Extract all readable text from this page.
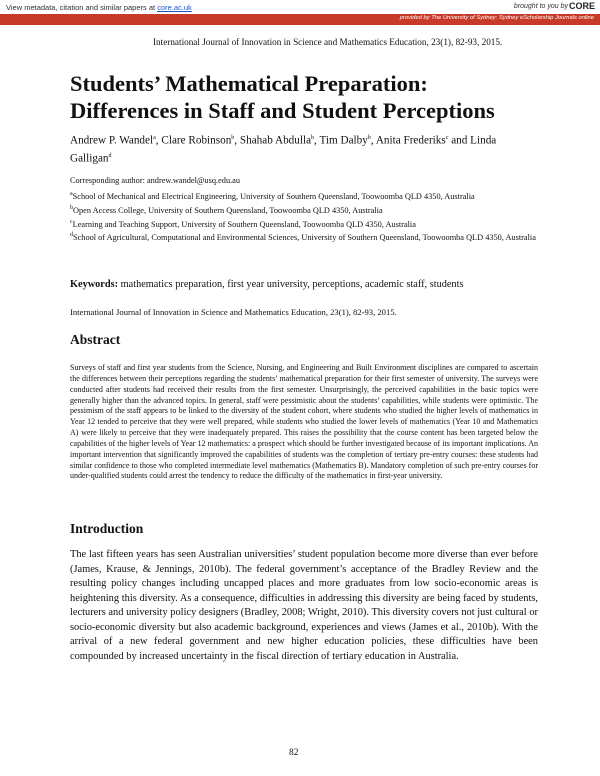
View metadata, citation and similar papers at core.ac.uk	brought to you by CORE
provided by The University of Sydney: Sydney eScholarship Journals online
International Journal of Innovation in Science and Mathematics Education, 23(1), 82-93, 2015.
Students’ Mathematical Preparation:
Differences in Staff and Student Perceptions
Andrew P. Wandel$^a$, Clare Robinson$^b$, Shahab Abdulla$^b$, Tim Dalby$^b$, Anita Frederiks$^c$ and Linda Galligan$^d$
Corresponding author: andrew.wandel@usq.edu.au
$^a$School of Mechanical and Electrical Engineering, University of Southern Queensland, Toowoomba QLD 4350, Australia
$^b$Open Access College, University of Southern Queensland, Toowoomba QLD 4350, Australia
$^c$Learning and Teaching Support, University of Southern Queensland, Toowoomba QLD 4350, Australia
$^d$School of Agricultural, Computational and Environmental Sciences, University of Southern Queensland, Toowoomba QLD 4350, Australia
Keywords: mathematics preparation, first year university, perceptions, academic staff, students
International Journal of Innovation in Science and Mathematics Education, 23(1), 82-93, 2015.
Abstract
Surveys of staff and first year students from the Science, Nursing, and Engineering and Built Environment disciplines are compared to ascertain the differences between their perceptions regarding the students’ mathematical preparation for their first semester of university. The surveys were conducted after students had received their results from the first semester. Unsurprisingly, the perceived capabilities in the basic topics were generally higher than the advanced topics. In general, staff were pessimistic about the students’ capabilities, while students were optimistic. The pessimism of the staff appears to be linked to the diversity of the student cohort, where students who studied the higher levels of mathematics in Year 12 tended to perceive that they were well prepared, while students who studied the lower levels of mathematics (Year 10 and Mathematics A) were likely to perceive that they were inadequately prepared. This raises the possibility that the course content has been targeted below the capabilities of the higher levels of Year 12 mathematics: a prospect which should be further investigated because of its important implications. An important intervention that significantly improved the capabilities of students was the completion of tertiary pre-entry courses: these students had similar confidence to those who completed intermediate level mathematics (Mathematics B). Mandatory completion of such pre-entry courses for under-qualified students could arrest the tendency to reduce the difficulty of the mathematics in first-year university.
Introduction
The last fifteen years has seen Australian universities’ student population become more diverse than ever before (James, Krause, & Jennings, 2010b). The federal government’s acceptance of the Bradley Review and the resulting policy changes including uncapped places and more graduates from low socio-economic areas is heightening this diversity. As a consequence, difficulties in addressing this diversity are being faced by students, lecturers and university policy designers (Bradley, 2008; Wright, 2010). This diversity covers not just cultural or socio-economic diversity but also academic background, experiences and views (James et al., 2010b). With the arrival of a new federal government and new higher education policies, these difficulties have been compounded by increased uncertainty in the fiscal direction of tertiary education in Australia.
82
